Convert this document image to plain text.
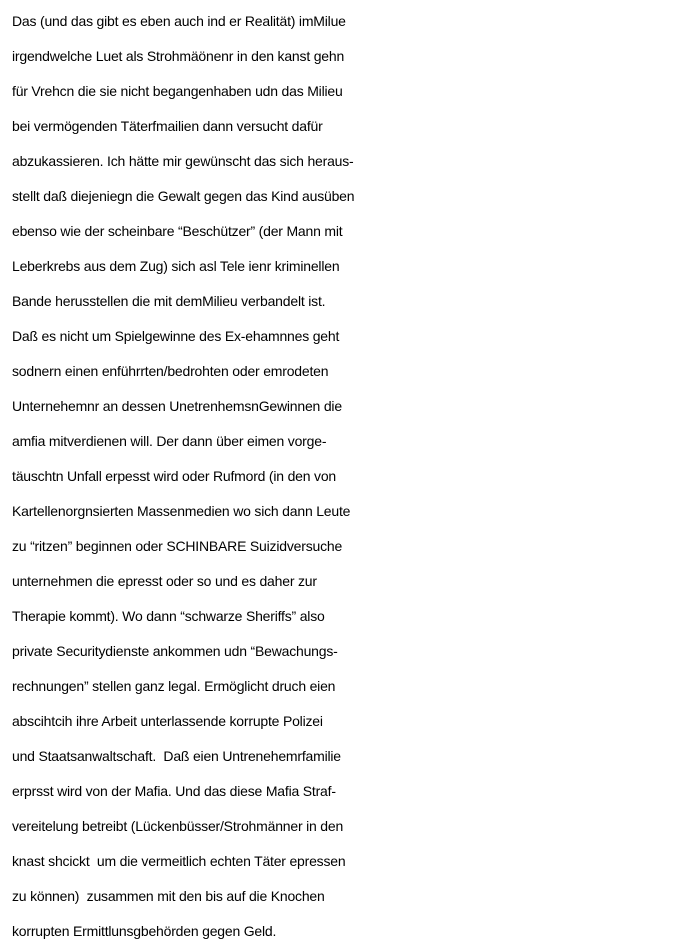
Das (und das gibt es eben auch ind er Realität) imMilue
irgendwelche Luet als Strohmäönenr in den kanst gehn
für Vrehcn die sie nicht begangenhaben udn das Milieu
bei vermögenden Täterfmailien dann versucht dafür
abzukassieren. Ich hätte mir gewünscht das sich heraus-
stellt daß diejeniegn die Gewalt gegen das Kind ausüben
ebenso wie der scheinbare “Beschützer” (der Mann mit
Leberkrebs aus dem Zug) sich asl Tele ienr kriminellen
Bande herusstellen die mit demMilieu verbandelt ist.
Daß es nicht um Spielgewinne des Ex-ehamnnes geht
sodnern einen enführrten/bedrohten oder emrodeten
Unternehemnr an dessen UnetrenhemsnGewinnen die
amfia mitverdienen will. Der dann über eimen vorge-
täuschtn Unfall erpesst wird oder Rufmord (in den von
Kartellenorgnsierten Massenmedien wo sich dann Leute
zu “ritzen” beginnen oder SCHINBARE Suizidversuche
unternehmen die epresst oder so und es daher zur
Therapie kommt). Wo dann “schwarze Sheriffs” also
private Securitydienste ankommen udn “Bewachungs-
rechnungen” stellen ganz legal. Ermöglicht druch eien
abscihtcih ihre Arbeit unterlassende korrupte Polizei
und Staatsanwaltschaft.  Daß eien Untrenehemrfamilie
erprsst wird von der Mafia. Und das diese Mafia Straf-
vereitelung betreibt (Lückenbüsser/Strohmänner in den
knast shcickt  um die vermeitlich echten Täter epressen
zu können)  zusammen mit den bis auf die Knochen
korrupten Ermittlunsgbehörden gegen Geld.
